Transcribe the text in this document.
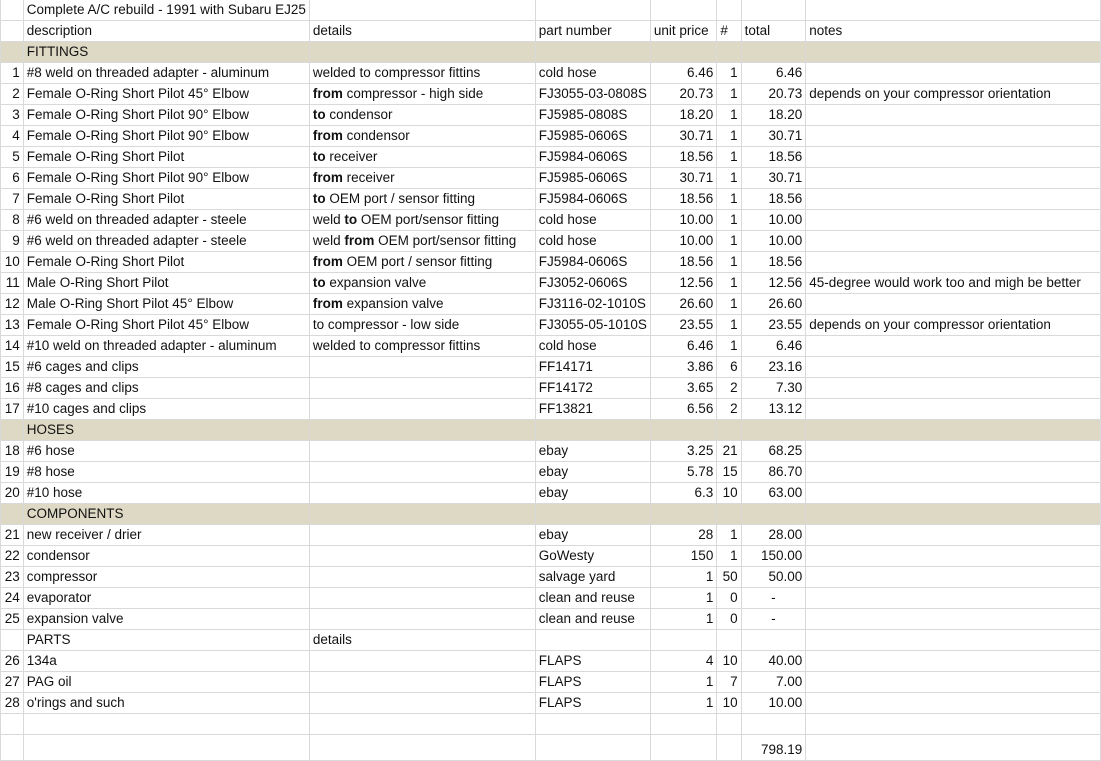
	Complete A/C rebuild - 1991 with Subaru EJ25						
	description	details	part number	unit price	#	total	notes
	FITTINGS						
1	#8 weld on threaded adapter - aluminum	welded to compressor fittins	cold hose	6.46	1	6.46	
2	Female O-Ring Short Pilot 45° Elbow	from compressor - high side	FJ3055-03-0808S	20.73	1	20.73	depends on your compressor orientation
3	Female O-Ring Short Pilot 90° Elbow	to condensor	FJ5985-0808S	18.20	1	18.20	
4	Female O-Ring Short Pilot 90° Elbow	from condensor	FJ5985-0606S	30.71	1	30.71	
5	Female O-Ring Short Pilot	to receiver	FJ5984-0606S	18.56	1	18.56	
6	Female O-Ring Short Pilot 90° Elbow	from receiver	FJ5985-0606S	30.71	1	30.71	
7	Female O-Ring Short Pilot	to OEM port / sensor fitting	FJ5984-0606S	18.56	1	18.56	
8	#6 weld on threaded adapter - steele	weld to OEM port/sensor fitting	cold hose	10.00	1	10.00	
9	#6 weld on threaded adapter - steele	weld from OEM port/sensor fitting	cold hose	10.00	1	10.00	
10	Female O-Ring Short Pilot	from OEM port / sensor fitting	FJ5984-0606S	18.56	1	18.56	
11	Male O-Ring Short Pilot	to expansion valve	FJ3052-0606S	12.56	1	12.56	45-degree would work too and migh be better
12	Male O-Ring Short Pilot 45° Elbow	from expansion valve	FJ3116-02-1010S	26.60	1	26.60	
13	Female O-Ring Short Pilot 45° Elbow	to compressor - low side	FJ3055-05-1010S	23.55	1	23.55	depends on your compressor orientation
14	#10 weld on threaded adapter - aluminum	welded to compressor fittins	cold hose	6.46	1	6.46	
15	#6 cages and clips		FF14171	3.86	6	23.16	
16	#8 cages and clips		FF14172	3.65	2	7.30	
17	#10 cages and clips		FF13821	6.56	2	13.12	
	HOSES						
18	#6 hose		ebay	3.25	21	68.25	
19	#8 hose		ebay	5.78	15	86.70	
20	#10 hose		ebay	6.3	10	63.00	
	COMPONENTS						
21	new receiver / drier		ebay	28	1	28.00	
22	condensor		GoWesty	150	1	150.00	
23	compressor		salvage yard	1	50	50.00	
24	evaporator		clean and reuse	1	0	-	
25	expansion valve		clean and reuse	1	0	-	
	PARTS	details					
26	134a		FLAPS	4	10	40.00	
27	PAG oil		FLAPS	1	7	7.00	
28	o'rings and such		FLAPS	1	10	10.00	

						798.19	
